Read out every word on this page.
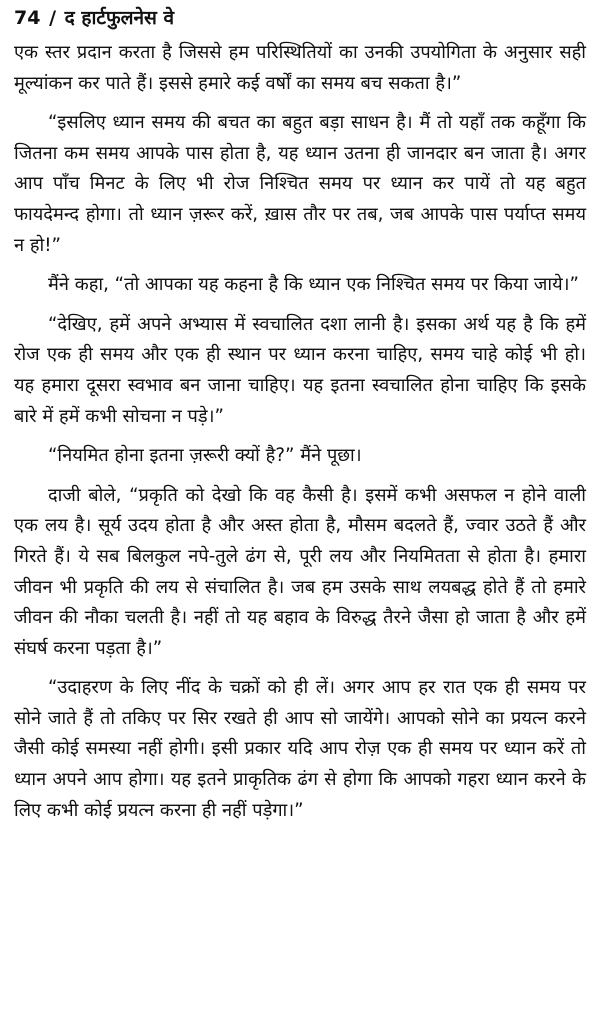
74 / द हार्टफुलनेस वे

एक स्तर प्रदान करता है जिससे हम परिस्थितियों का उनकी उपयोगिता के अनुसार सही मूल्यांकन कर पाते हैं। इससे हमारे कई वर्षों का समय बच सकता है।”

“इसलिए ध्यान समय की बचत का बहुत बड़ा साधन है। मैं तो यहाँ तक कहूँगा कि जितना कम समय आपके पास होता है, यह ध्यान उतना ही जानदार बन जाता है। अगर आप पाँच मिनट के लिए भी रोज निश्चित समय पर ध्यान कर पायें तो यह बहुत फायदेमन्द होगा। तो ध्यान ज़रूर करें, ख़ास तौर पर तब, जब आपके पास पर्याप्त समय न हो!”

मैंने कहा, “तो आपका यह कहना है कि ध्यान एक निश्चित समय पर किया जाये।”

“देखिए, हमें अपने अभ्यास में स्वचालित दशा लानी है। इसका अर्थ यह है कि हमें रोज एक ही समय और एक ही स्थान पर ध्यान करना चाहिए, समय चाहे कोई भी हो। यह हमारा दूसरा स्वभाव बन जाना चाहिए। यह इतना स्वचालित होना चाहिए कि इसके बारे में हमें कभी सोचना न पड़े।”

“नियमित होना इतना ज़रूरी क्यों है?” मैंने पूछा।

दाजी बोले, “प्रकृति को देखो कि वह कैसी है। इसमें कभी असफल न होने वाली एक लय है। सूर्य उदय होता है और अस्त होता है, मौसम बदलते हैं, ज्वार उठते हैं और गिरते हैं। ये सब बिलकुल नपे-तुले ढंग से, पूरी लय और नियमितता से होता है। हमारा जीवन भी प्रकृति की लय से संचालित है। जब हम उसके साथ लयबद्ध होते हैं तो हमारे जीवन की नौका चलती है। नहीं तो यह बहाव के विरुद्ध तैरने जैसा हो जाता है और हमें संघर्ष करना पड़ता है।”

“उदाहरण के लिए नींद के चक्रों को ही लें। अगर आप हर रात एक ही समय पर सोने जाते हैं तो तकिए पर सिर रखते ही आप सो जायेंगे। आपको सोने का प्रयत्न करने जैसी कोई समस्या नहीं होगी। इसी प्रकार यदि आप रोज़ एक ही समय पर ध्यान करें तो ध्यान अपने आप होगा। यह इतने प्राकृतिक ढंग से होगा कि आपको गहरा ध्यान करने के लिए कभी कोई प्रयत्न करना ही नहीं पड़ेगा।”
